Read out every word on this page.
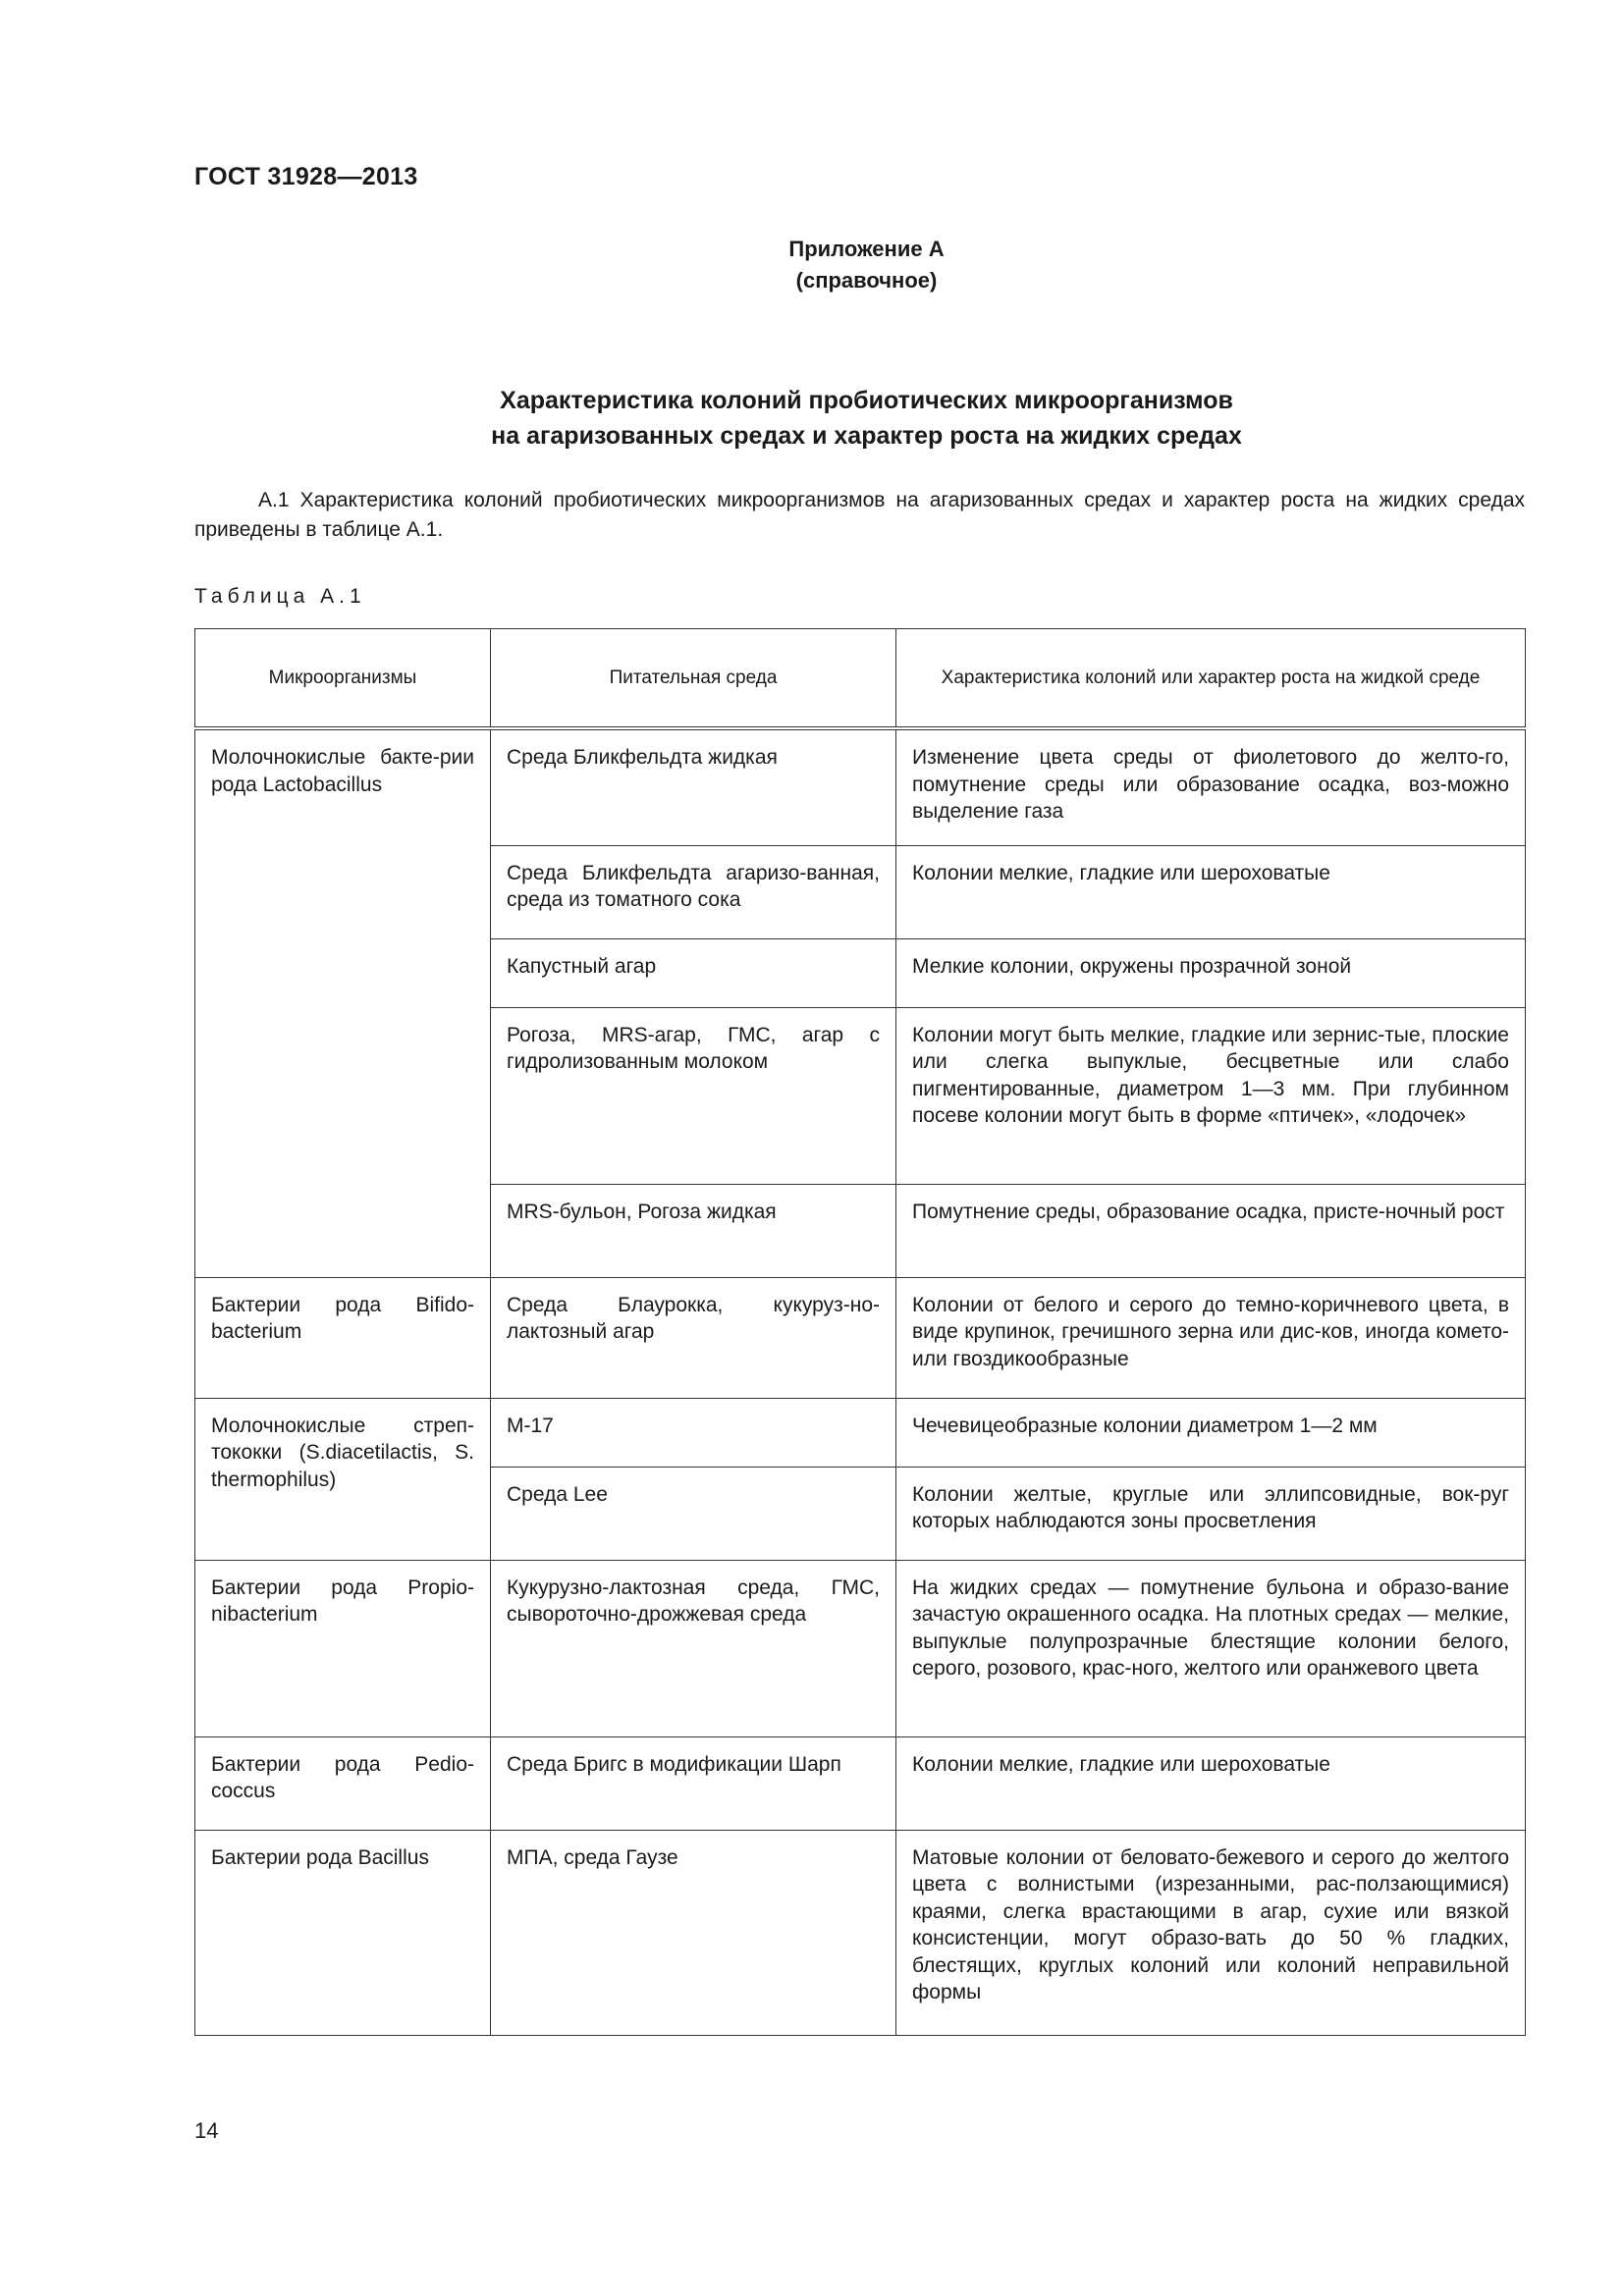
ГОСТ 31928—2013
Приложение А
(справочное)
Характеристика колоний пробиотических микроорганизмов
на агаризованных средах и характер роста на жидких средах
А.1 Характеристика колоний пробиотических микроорганизмов на агаризованных средах и характер роста на жидких средах приведены в таблице А.1.
Таблица А.1
Микроорганизмы	Питательная среда	Характеристика колоний или характер роста на жидкой среде
Молочнокислые бакте-рии рода Lactobacillus	Среда Бликфельдта жидкая	Изменение цвета среды от фиолетового до желто-го, помутнение среды или образование осадка, воз-можно выделение газа
	Среда Бликфельдта агаризо-ванная, среда из томатного сока	Колонии мелкие, гладкие или шероховатые
	Капустный агар	Мелкие колонии, окружены прозрачной зоной
	Рогоза, MRS-агар, ГМС, агар с гидролизованным молоком	Колонии могут быть мелкие, гладкие или зернис-тые, плоские или слегка выпуклые, бесцветные или слабо пигментированные, диаметром 1—3 мм. При глубинном посеве колонии могут быть в форме «птичек», «лодочек»
	MRS-бульон, Рогоза жидкая	Помутнение среды, образование осадка, присте-ночный рост
Бактерии рода Bifido-bacterium	Среда Блаурокка, кукуруз-но-лактозный агар	Колонии от белого и серого до темно-коричневого цвета, в виде крупинок, гречишного зерна или дис-ков, иногда комето- или гвоздикообразные
Молочнокислые стреп-тококки (S.diacetilactis, S. thermophilus)	М-17	Чечевицеобразные колонии диаметром 1—2 мм
	Среда Lee	Колонии желтые, круглые или эллипсовидные, вок-руг которых наблюдаются зоны просветления
Бактерии рода Propio-nibacterium	Кукурузно-лактозная среда, ГМС, сывороточно-дрожжевая среда	На жидких средах — помутнение бульона и образо-вание зачастую окрашенного осадка. На плотных средах — мелкие, выпуклые полупрозрачные блестящие колонии белого, серого, розового, крас-ного, желтого или оранжевого цвета
Бактерии рода Pedio-coccus	Среда Бригс в модификации Шарп	Колонии мелкие, гладкие или шероховатые
Бактерии рода Bacillus	МПА, среда Гаузе	Матовые колонии от беловато-бежевого и серого до желтого цвета с волнистыми (изрезанными, рас-ползающимися) краями, слегка врастающими в агар, сухие или вязкой консистенции, могут образо-вать до 50 % гладких, блестящих, круглых колоний или колоний неправильной формы
14
